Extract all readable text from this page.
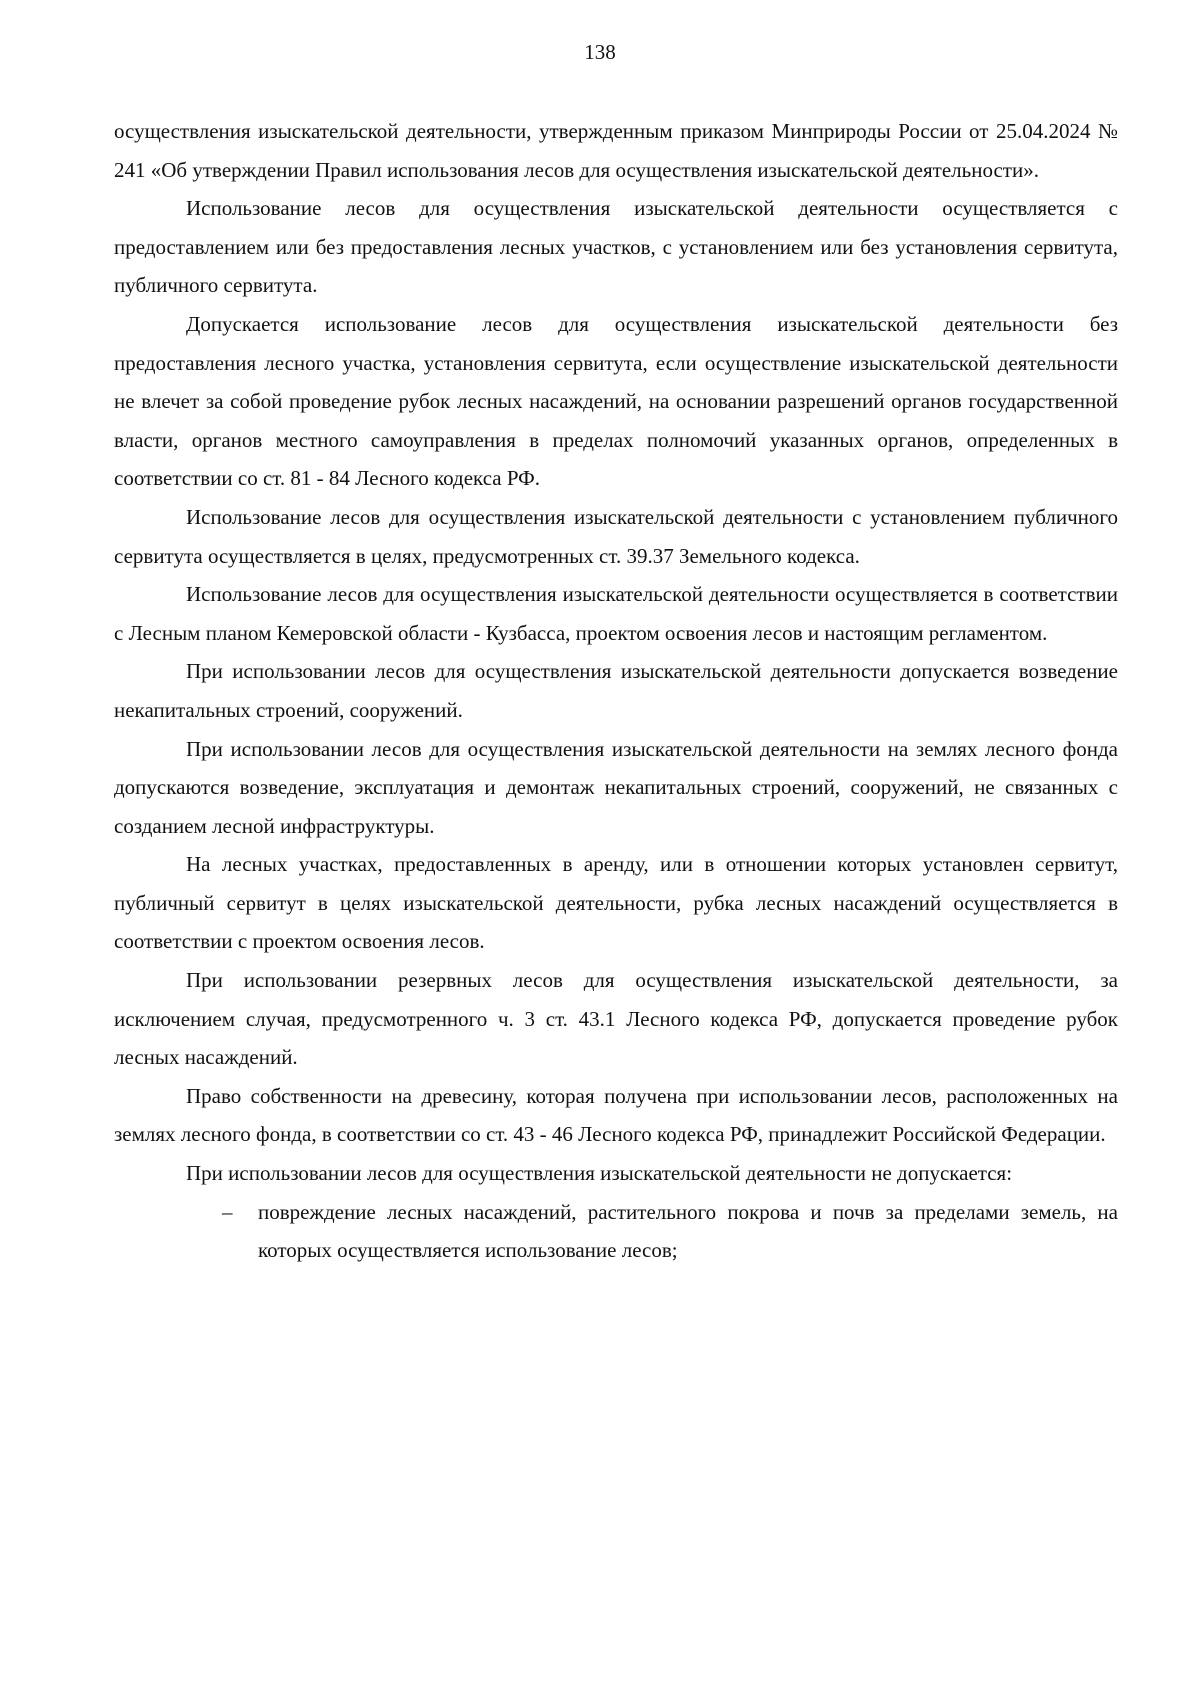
138

осуществления изыскательской деятельности, утвержденным приказом Минприроды России от 25.04.2024 № 241 «Об утверждении Правил использования лесов для осуществления изыскательской деятельности».

Использование лесов для осуществления изыскательской деятельности осуществляется с предоставлением или без предоставления лесных участков, с установлением или без установления сервитута, публичного сервитута.

Допускается использование лесов для осуществления изыскательской деятельности без предоставления лесного участка, установления сервитута, если осуществление изыскательской деятельности не влечет за собой проведение рубок лесных насаждений, на основании разрешений органов государственной власти, органов местного самоуправления в пределах полномочий указанных органов, определенных в соответствии со ст. 81 - 84 Лесного кодекса РФ.

Использование лесов для осуществления изыскательской деятельности с установлением публичного сервитута осуществляется в целях, предусмотренных ст. 39.37 Земельного кодекса.

Использование лесов для осуществления изыскательской деятельности осуществляется в соответствии с Лесным планом Кемеровской области - Кузбасса, проектом освоения лесов и настоящим регламентом.

При использовании лесов для осуществления изыскательской деятельности допускается возведение некапитальных строений, сооружений.

При использовании лесов для осуществления изыскательской деятельности на землях лесного фонда допускаются возведение, эксплуатация и демонтаж некапитальных строений, сооружений, не связанных с созданием лесной инфраструктуры.

На лесных участках, предоставленных в аренду, или в отношении которых установлен сервитут, публичный сервитут в целях изыскательской деятельности, рубка лесных насаждений осуществляется в соответствии с проектом освоения лесов.

При использовании резервных лесов для осуществления изыскательской деятельности, за исключением случая, предусмотренного ч. 3 ст. 43.1 Лесного кодекса РФ, допускается проведение рубок лесных насаждений.

Право собственности на древесину, которая получена при использовании лесов, расположенных на землях лесного фонда, в соответствии со ст. 43 - 46 Лесного кодекса РФ, принадлежит Российской Федерации.

При использовании лесов для осуществления изыскательской деятельности не допускается:

– повреждение лесных насаждений, растительного покрова и почв за пределами земель, на которых осуществляется использование лесов;
